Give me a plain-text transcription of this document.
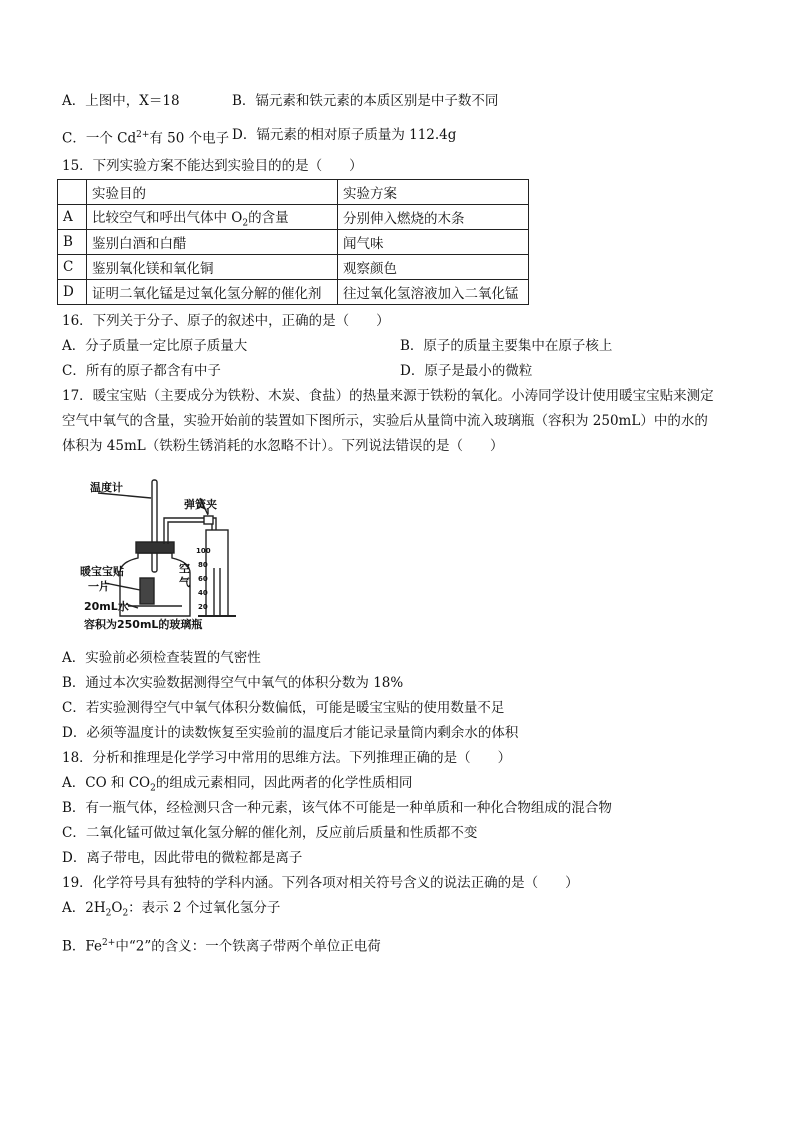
A．上图中，X＝18	B．镉元素和铁元素的本质区别是中子数不同
C．一个 $Cd^{2+}$有 50 个电子 D．镉元素的相对原子质量为 112.4g
15．下列实验方案不能达到实验目的的是（　　）
	实验目的	实验方案
A	比较空气和呼出气体中 $O_2$的含量	分别伸入燃烧的木条
B	鉴别白酒和白醋	闻气味
C	鉴别氧化镁和氧化铜	观察颜色
D	证明二氧化锰是过氧化氢分解的催化剂	往过氧化氢溶液加入二氧化锰
16．下列关于分子、原子的叙述中，正确的是（　　）
A．分子质量一定比原子质量大	B．原子的质量主要集中在原子核上
C．所有的原子都含有中子	D．原子是最小的微粒
17．暖宝宝贴（主要成分为铁粉、木炭、食盐）的热量来源于铁粉的氧化。小涛同学设计使用暖宝宝贴来测定
空气中氧气的含量，实验开始前的装置如下图所示，实验后从量筒中流入玻璃瓶（容积为 250mL）中的水的
体积为 45mL（铁粉生锈消耗的水忽略不计）。下列说法错误的是（　　）
温度计
弹簧夹
暖宝宝贴
一片
空
气
20mL水
容积为250mL的玻璃瓶
100
80
60
40
20
A．实验前必须检查装置的气密性
B．通过本次实验数据测得空气中氧气的体积分数为 18%
C．若实验测得空气中氧气体积分数偏低，可能是暖宝宝贴的使用数量不足
D．必须等温度计的读数恢复至实验前的温度后才能记录量筒内剩余水的体积
18．分析和推理是化学学习中常用的思维方法。下列推理正确的是（　　）
A．CO 和 $CO_2$的组成元素相同，因此两者的化学性质相同
B．有一瓶气体，经检测只含一种元素，该气体不可能是一种单质和一种化合物组成的混合物
C．二氧化锰可做过氧化氢分解的催化剂，反应前后质量和性质都不变
D．离子带电，因此带电的微粒都是离子
19．化学符号具有独特的学科内涵。下列各项对相关符号含义的说法正确的是（　　）
A．$2H_2O_2$：表示 2 个过氧化氢分子
B．$Fe^{2+}$中“2”的含义：一个铁离子带两个单位正电荷
